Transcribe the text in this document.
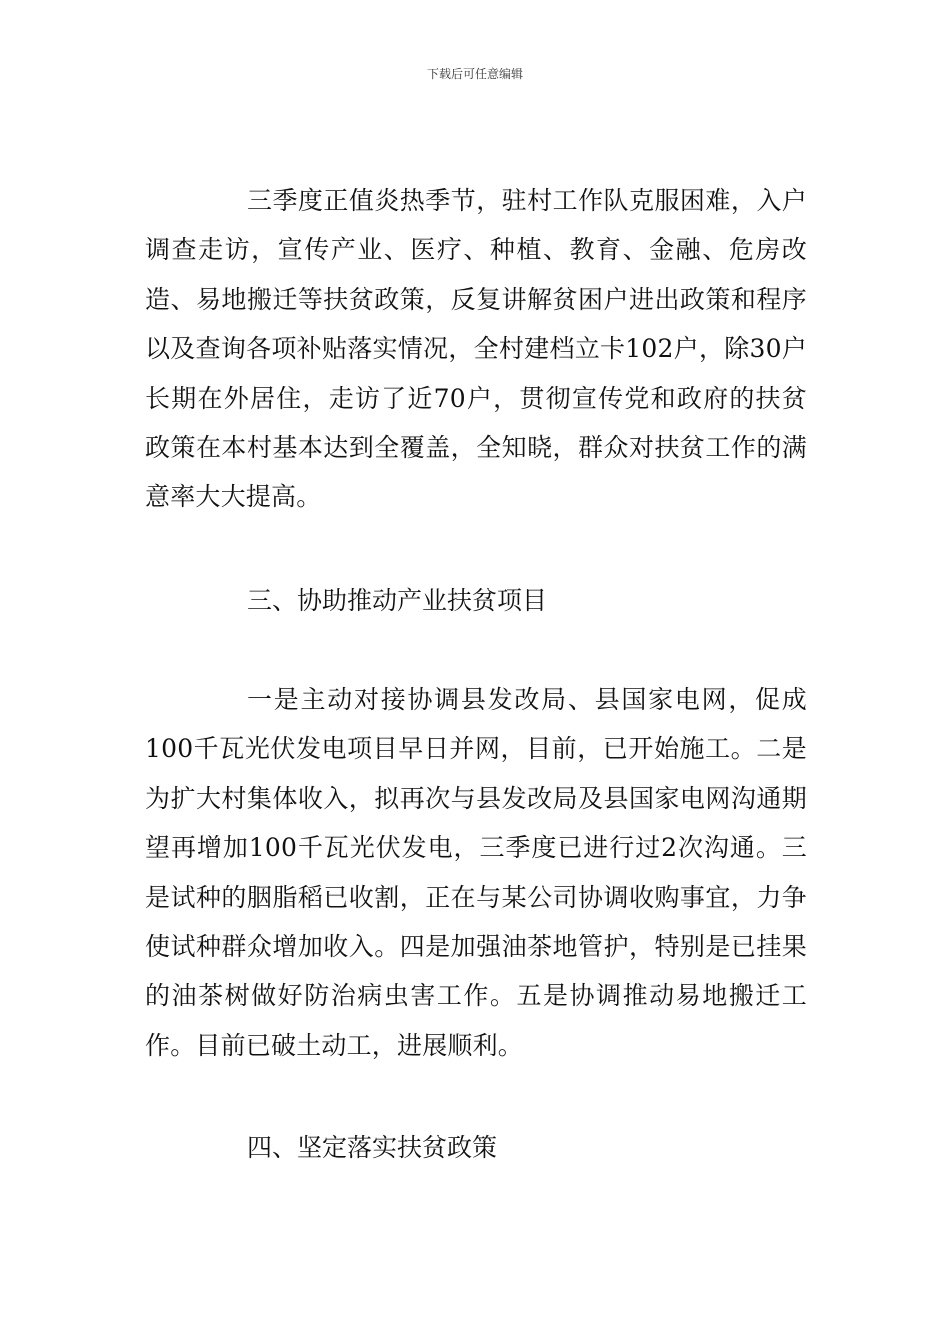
下载后可任意编辑

三季度正值炎热季节，驻村工作队克服困难，入户调查走访，宣传产业、医疗、种植、教育、金融、危房改造、易地搬迁等扶贫政策，反复讲解贫困户进出政策和程序以及查询各项补贴落实情况，全村建档立卡102户，除30户长期在外居住，走访了近70户，贯彻宣传党和政府的扶贫政策在本村基本达到全覆盖，全知晓，群众对扶贫工作的满意率大大提高。

三、协助推动产业扶贫项目

一是主动对接协调县发改局、县国家电网，促成100千瓦光伏发电项目早日并网，目前，已开始施工。二是为扩大村集体收入，拟再次与县发改局及县国家电网沟通期望再增加100千瓦光伏发电，三季度已进行过2次沟通。三是试种的胭脂稻已收割，正在与某公司协调收购事宜，力争使试种群众增加收入。四是加强油茶地管护，特别是已挂果的油茶树做好防治病虫害工作。五是协调推动易地搬迁工作。目前已破土动工，进展顺利。

四、坚定落实扶贫政策
